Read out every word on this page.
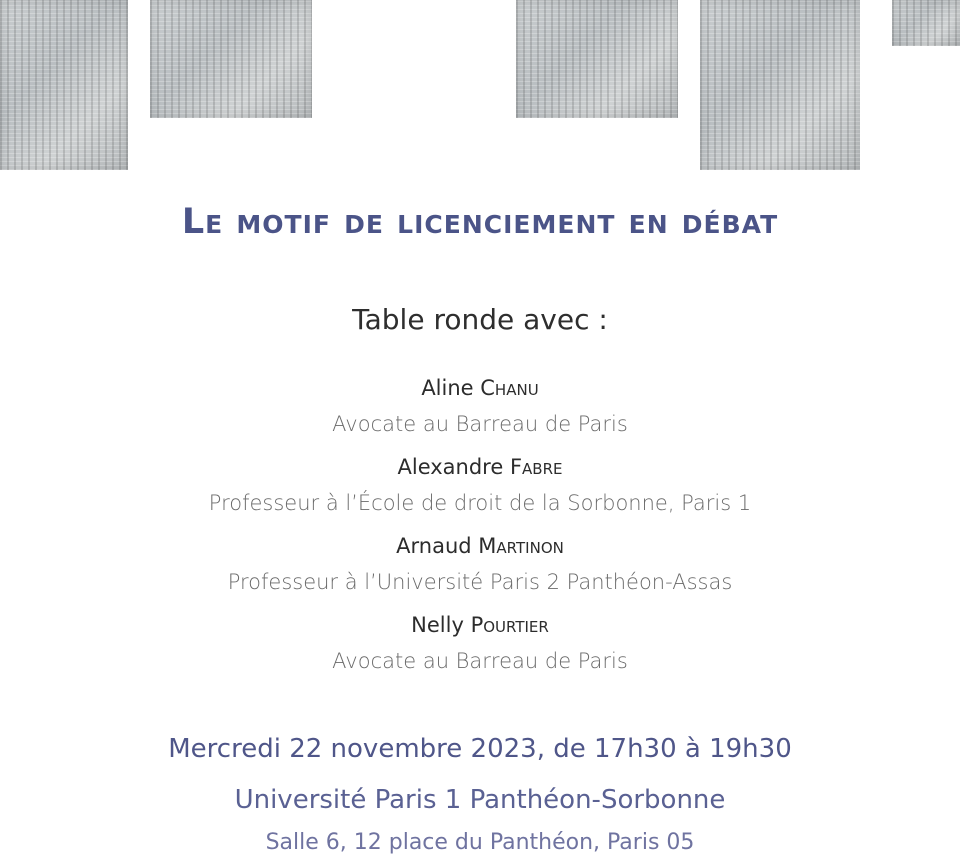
Le motif de licenciement en débat
Table ronde avec :
Aline Chanu
Avocate au Barreau de Paris
Alexandre Fabre
Professeur à l’École de droit de la Sorbonne, Paris 1
Arnaud Martinon
Professeur à l’Université Paris 2 Panthéon-Assas
Nelly Pourtier
Avocate au Barreau de Paris
Mercredi 22 novembre 2023, de 17h30 à 19h30
Université Paris 1 Panthéon-Sorbonne
Salle 6, 12 place du Panthéon, Paris 05
